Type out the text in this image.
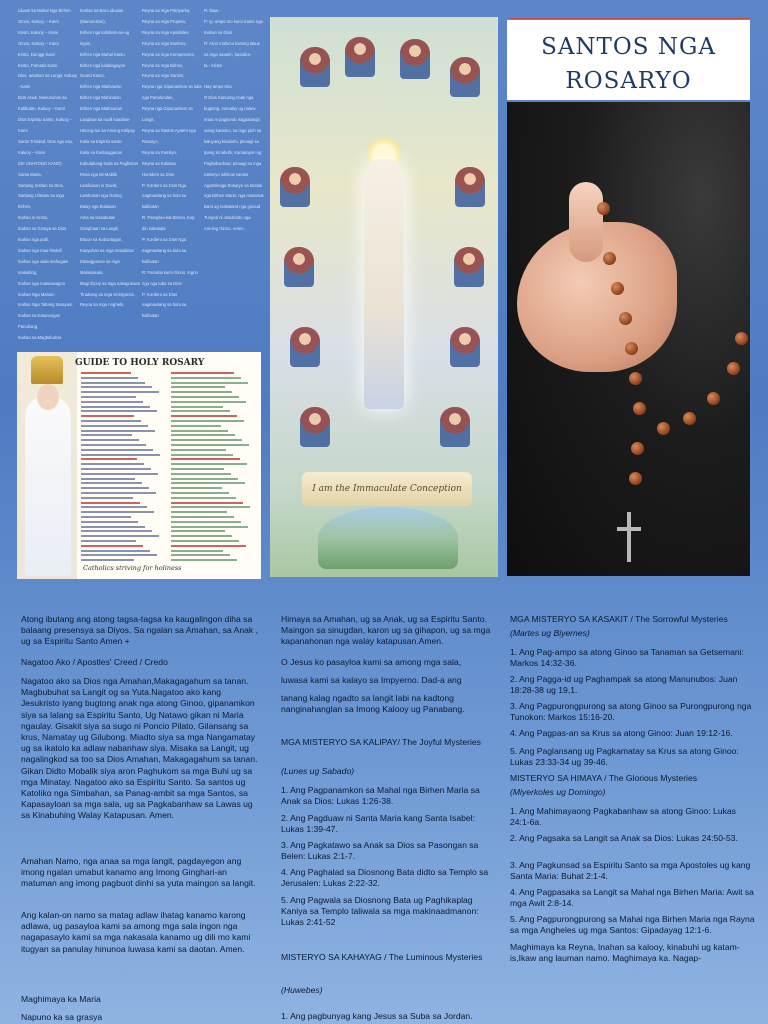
Likaon ka Mahal Nga Birhen
Ginoo, Kaluoy – Kami
Kristo, Kaluoy – Kami
Ginoo, Kaluoy – Kami
Kristo, Dunggi Kami
Kristo, Pamatia Kami
Dios, amahan sa Langit, Kaluoy
- Kami
Dios Anak, Manunubos sa
Kalibutan, Kaluoy – Kami
Dios Espiritu Santo, Kaluoy –
Kami
Santo Trinidad, Dios nga usa,
Kaluoy – Kami
(ISI UNHYONG KANO)
Santa Maria,
Santang Inahan sa Dios,
Santang Ulitwaw sa mga
Birhen,
Inahan ni Kristo,
Inahan sa Grasya sa Dios
Inahan nga putli,
Inahan nga maa-hisdeli
Inahan nga wala mahugaw
makatilog,
Inahan nga makaawagon
Inahan Nga Maloon
Inahan Nga Tabang Sarayam
Inahan sa Katunongan
Panubang,
Inahan sa Magbabuhat
Inahan sa Bat-Lubusan
(Manunubos),
Birhen nga kahibalo-an-ug
ingon,
Birhen nga Mahal Kaniu
Birhen nga kalabagayan
Ouard Kamo,
Birhen nga Malinawon
Birhen nga Mahinalon
Birhen nga Matinuoran
Langkaw sa nuoll kaadlaw-
Hinong-lan sa Among Kalipay
Kaila sa Espiritu santo
Kaila sa Kadungganan
Kabulahang Kaila sa Paglintian
Rosa nga Mi-Mablik
Lambunan ni David,
Lambunan nga Garing
Balay nga Bulawan
Arka sa Kasabutan
Ganghaan sa Langit,
Bituon sa Kabuntagon,
Kaayuhan sa mga masakitan
Dalangpanan sa mga
Makasasala,
Magi tilipoy sa mga nasagubaan
Tinabang sa mga Kristiyanos,
Reyna sa mga Anghels,
Reyna sa mga Patriyarka,
Reyna sa mga Propeta,
Reyna sa mga Apostoles,
Reyna sa mga Martires,
Reyna sa mga Kompesores,
Reyna sa mga Birhen,
Reyna sa mga Santos,
Reyna nga Gipanamkon sa sala
nga Panulundan,
Reyna nga Gipanamkon sa
Langit,
Reyna sa Santos Ayatmt nga
Rosaryo,
Reyna sa Pamilya,
Reyna sa Kalinaw,
Hontdem sa Dios
P: Kordero sa Dios Nga
nagmawtang sa bula sa
kalibutan
R: Pasaylua-kaniDmoo, Kup
din nakasala
P: Kordero sa Dios Nga
nagmawtang sa bula sa
kalibutan
R: Pamatia kami Ginoo, Ingon
nga nga tuba sa Dios
P: Kordero sa Dios
nagmawtang sa bula sa
kalibutan
R: Ibaw -
P: Ig -ampo mo kami Santa nga
Inahan sa Dios
R: Aron mahimu kaming takus
sa mga saaarin, kasabra-
ta - Kristo

Hay-ampo Kita
O Dios Kanuong Anak nga
bugtong, nomalay ug nalaw-
nnaa m pagsurab nagpatangti
utang kanamo, sa mga pinh sa
kaluyang kinabuhi, pinaagi sa
Ipang Kinabuhi, Kamatayon ug
Pagkabanhaw; pinaagi sa mga
misteryo ishitiuw santos
Agatminaga Rosaryo sa tinahal
nga Birhen Maria, nga masamat
kami ug makatand nga ginuud
Tungod ni Jesukristo nga
Amning Ginoo. Amen.
I am the Immaculate Conception
GUIDE TO HOLY ROSARY
Catholics striving for holiness
SANTOS NGA
ROSARYO

Atong ibutang ang atong tagsa-tagsa ka kaugalingon diha sa balaang presensya sa Diyos. Sa ngalan sa Amahan, sa Anak , ug sa Espiritu Santo Amen +

Nagatoo Ako / Apostles' Creed / Credo

Nagatoo ako sa Dios nga Amahan,Makagagahum sa tanan. Magbubuhat sa Langit og sa Yuta.Nagatoo ako kang Jesukristo iyang bugtong anak nga atong Ginoo, gipanamkon siya sa lalang sa Espiritu Santo, Ug Natawo gikan ni Maria ngaulay. Gisakit siya sa sugo ni Poncio Pilato, Gilansang sa krus, Namatay ug Gilubong. Miadto siya sa mga Nangamatay ug sa ikatolo ka adlaw nabanhaw siya. Misaka sa Langit, ug nagalingkod sa too sa Dios Amahan, Makagagahum sa tanan. Gikan Didto Mobalik siya aron Paghukom sa mga Buhi ug sa mga Minatay. Nagatoo ako sa Espiritu Santo. Sa santos ug Katoliko nga Simbahan, sa Panag-ambit sa mga Santos, sa Kapasayloan sa mga sala, ug sa Pagkabanhaw sa Lawas ug sa Kinabuhing Walay Katapusan. Amen.

Amahan Namo, nga anaa sa mga langit, pagdayegon ang imong ngalan umabut kanamo ang Imong Ginghari-an matuman ang imong pagbuot dinhi sa yuta maingon sa langit.

Ang kalan-on namo sa matag adlaw ihatag kanamo karong adlawa, ug pasayloa kami sa among mga sala ingon nga nagapasaylo kami sa mga nakasala kanamo ug dili mo kami itugyan sa panulay hinunoa luwasa kami sa daotan. Amen.

Maghimaya ka Maria

Napuno ka sa grasya

Himaya sa Amahan, ug sa Anak, ug sa Espiritu Santo. Maingon sa sinugdan, karon ug sa gihapon, ug sa mga kapanahonan nga walay katapusan.Amen.

O Jesus ko pasayloa kami sa among mga sala,

luwasa kami sa kalayo sa Impyerno. Dad-a ang

tanang kalag ngadto sa langit labi na kadtong nanginahanglan sa Imong Kalooy ug Panabang.

MGA MISTERYO SA KALIPAY/ The Joyful Mysteries

(Lunes ug Sabado)

1. Ang Pagpanamkon sa Mahal nga Birhen Maria sa Anak sa Dios: Lukas 1:26-38.

2. Ang Pagduaw ni Santa Maria kang Santa Isabel: Lukas 1:39-47.

3. Ang Pagkatawo sa Anak sa Dios sa Pasongan sa Belen: Lukas 2:1-7.

4. Ang Paghalad sa Diosnong Bata didto sa Templo sa Jerusalen: Lukas 2:22-32.

5. Ang Pagwala sa Diosnong Bata ug Paghikaplag Kaniya sa Templo taliwala sa mga makinaadmanon: Lukas 2:41-52

MISTERYO SA KAHAYAG / The Luminous Mysteries

(Huwebes)

1. Ang pagbunyag kang Jesus sa Suba sa Jordan.

MGA MISTERYO SA KASAKIT / The Sorrowful Mysteries

(Martes ug Biyernes)

1. Ang Pag-ampo sa atong Ginoo sa Tanaman sa Getsemani: Markos 14:32-36.

2. Ang Pagga-id ug Paghampak sa atong Manunubos: Juan 18:28-38 ug 19,1.

3. Ang Pagpurongpurong sa atong Ginoo sa Purongpurong nga Tunokon: Markos 15:16-20.

4. Ang Pagpas-an sa Krus sa atong Ginoo: Juan 19:12-16.

5. Ang Paglansang ug Pagkamatay sa Krus sa atong Ginoo: Lukas 23:33-34 ug 39-46.

MISTERYO SA HIMAYA / The Glorious Mysteries

(Miyerkoles ug Domingo)

1. Ang Mahimayaong Pagkabanhaw sa atong Ginoo: Lukas 24:1-6a.

2. Ang Pagsaka sa Langit sa Anak sa Dios: Lukas 24:50-53.

3. Ang Pagkunsad sa Espiritu Santo sa mga Apostoles ug kang Santa Maria: Buhat 2:1-4.

4. Ang Pagpasaka sa Langit sa Mahal nga Birhen Maria: Awit sa mga Awit 2:8-14.

5. Ang Pagpurongpurong sa Mahal nga Birhen Maria nga Rayna sa mga Angheles ug mga Santos: Gipadayag 12:1-6.

Maghimaya ka Reyna, Inahan sa kalooy, kinabuhi ug katam-is,Ikaw ang lauman namo. Maghimaya ka. Nagap-
